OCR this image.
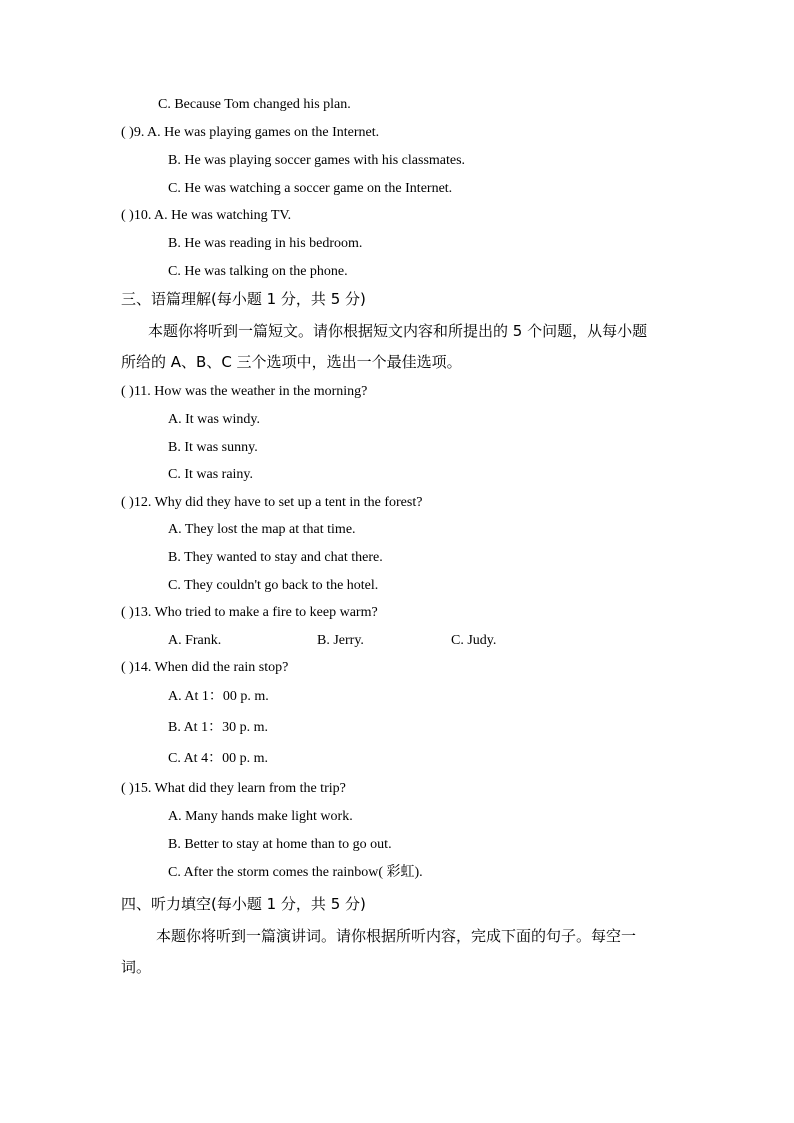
C. Because Tom changed his plan.
( )9. A. He was playing games on the Internet.
B. He was playing soccer games with his classmates.
C. He was watching a soccer game on the Internet.
( )10. A. He was watching TV.
B. He was reading in his bedroom.
C. He was talking on the phone.
三、语篇理解(每小题 1 分，共 5 分)
本题你将听到一篇短文。请你根据短文内容和所提出的 5 个问题，从每小题
所给的 A、B、C 三个选项中，选出一个最佳选项。
( )11. How was the weather in the morning?
A. It was windy.
B. It was sunny.
C. It was rainy.
( )12. Why did they have to set up a tent in the forest?
A. They lost the map at that time.
B. They wanted to stay and chat there.
C. They couldn't go back to the hotel.
( )13. Who tried to make a fire to keep warm?
A. Frank.	B. Jerry.	C. Judy.
( )14. When did the rain stop?
A. At 1：00 p. m.
B. At 1：30 p. m.
C. At 4：00 p. m.
( )15. What did they learn from the trip?
A. Many hands make light work.
B. Better to stay at home than to go out.
C. After the storm comes the rainbow( 彩虹).
四、听力填空(每小题 1 分，共 5 分)
本题你将听到一篇演讲词。请你根据所听内容，完成下面的句子。每空一
词。
